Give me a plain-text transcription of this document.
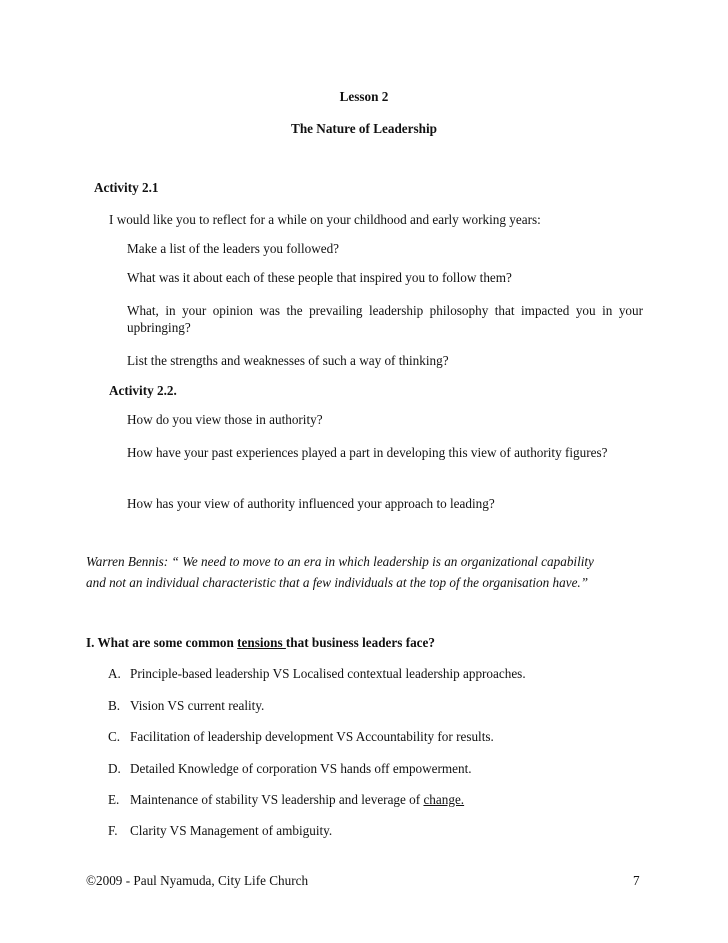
Lesson 2
The Nature of Leadership
Activity 2.1
I would like you to reflect for a while on your childhood and early working years:
Make a list of the leaders you followed?
What was it about each of these people that inspired you to follow them?
What, in your opinion was the prevailing leadership philosophy that impacted you in your upbringing?
List the strengths and weaknesses of such a way of thinking?
Activity 2.2.
How do you view those in authority?
How have your past experiences played a part in developing this view of authority figures?
How has your view of authority influenced your approach to leading?
Warren Bennis: “ We need to move to an era in which leadership is an organizational capability
and not an individual characteristic that a few individuals at the top of the organisation have.”
I. What are some common tensions that business leaders face?
A. Principle-based leadership VS Localised contextual leadership approaches.
B. Vision VS current reality.
C. Facilitation of leadership development VS Accountability for results.
D. Detailed Knowledge of corporation VS hands off empowerment.
E. Maintenance of stability VS leadership and leverage of change.
F. Clarity VS Management of ambiguity.
©2009 - Paul Nyamuda, City Life Church	7
